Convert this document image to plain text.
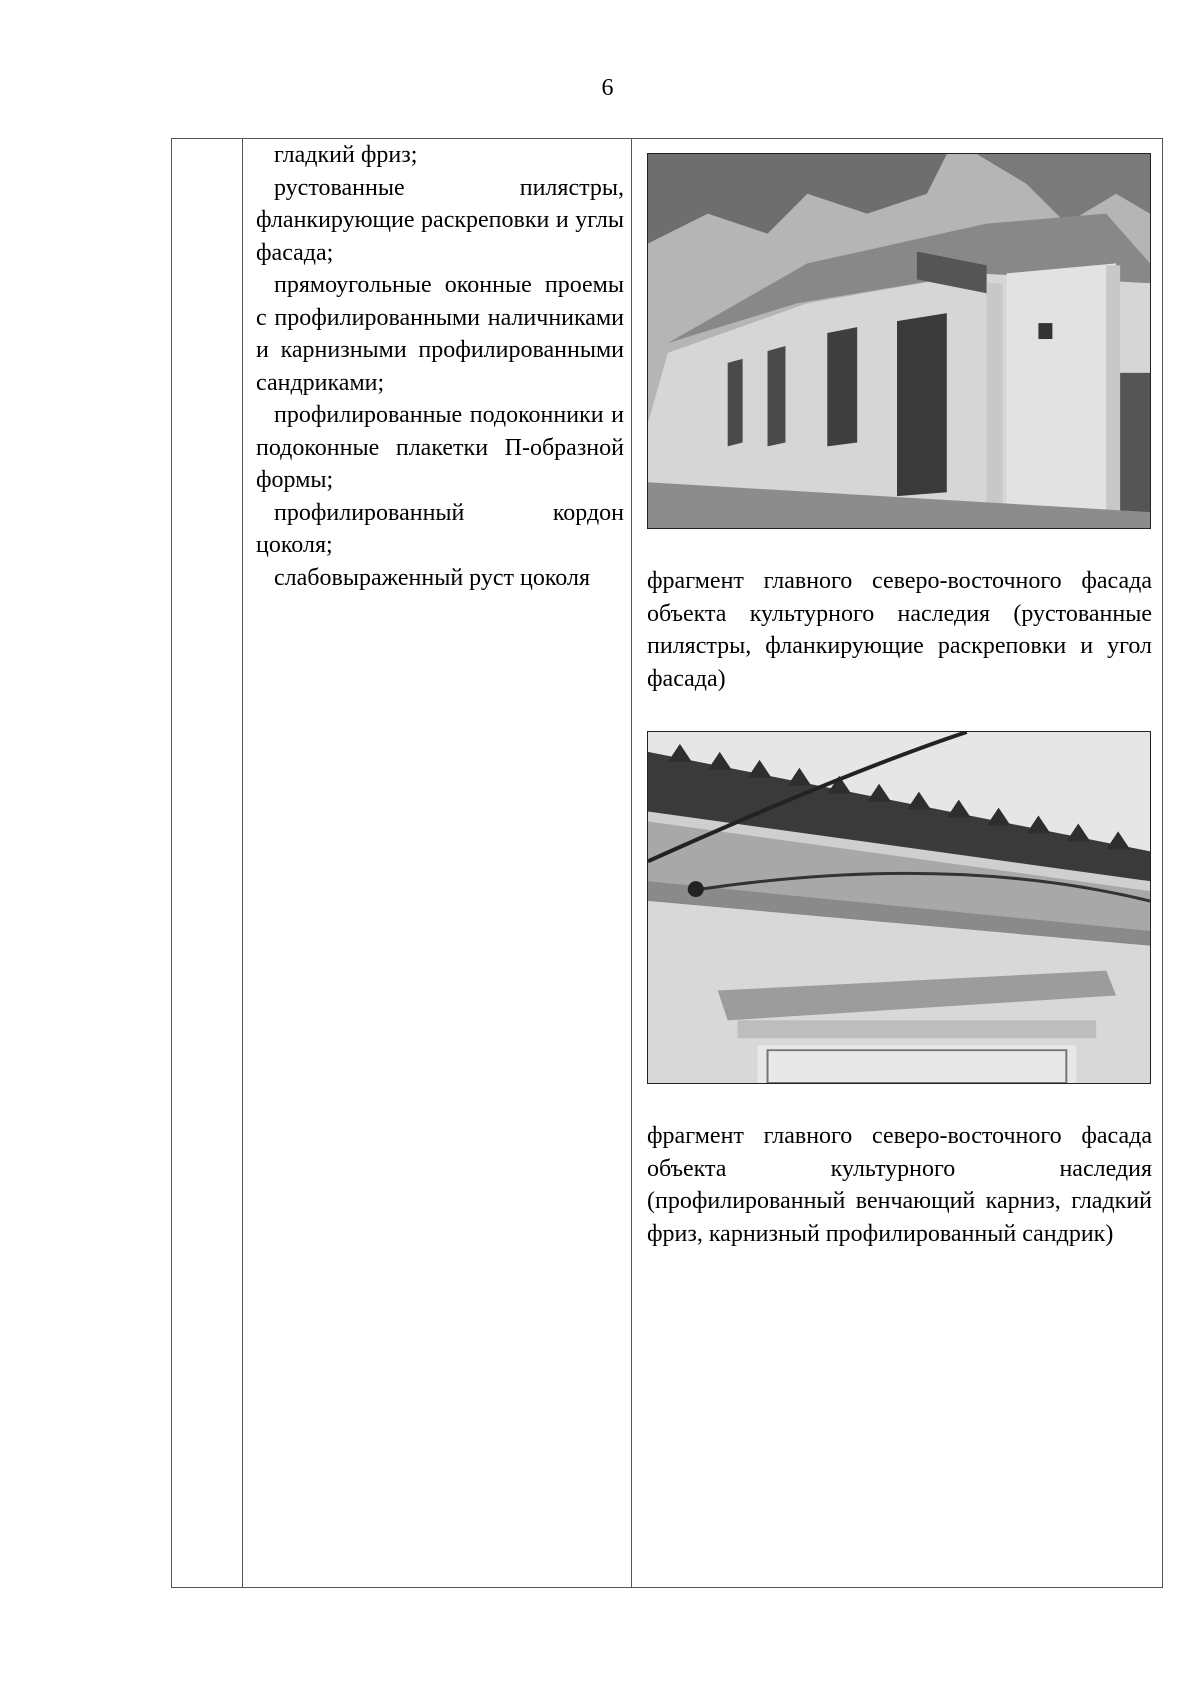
6

гладкий фриз;

рустованные пилястры, фланкирующие раскреповки и углы фасада;

прямоугольные оконные проемы с профилированными наличниками и карнизными профилированными сандриками;

профилированные подоконники и подоконные плакетки П-образной формы;

профилированный кордон цоколя;

слабовыраженный руст цоколя	фрагмент главного северо-восточного фасада объекта культурного наследия (рустованные пилястры, фланкирующие раскреповки и угол фасада)

фрагмент главного северо-восточного фасада объекта культурного наследия (профилированный венчающий карниз, гладкий фриз, карнизный профилированный сандрик)
